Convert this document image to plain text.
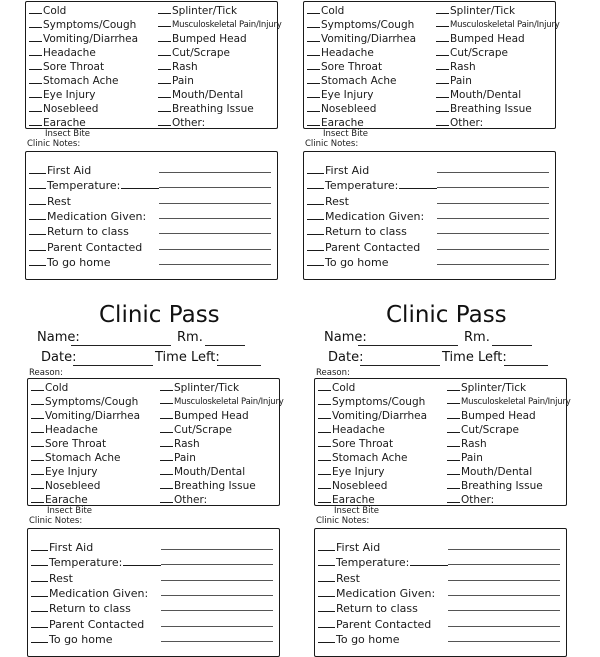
Cold
Symptoms/Cough
Vomiting/Diarrhea
Headache
Sore Throat
Stomach Ache
Eye Injury
Nosebleed
Earache
Splinter/Tick
Musculoskeletal Pain/Injury
Bumped Head
Cut/Scrape
Rash
Pain
Mouth/Dental
Breathing Issue
Other:
Insect Bite
Clinic Notes:
First Aid
Temperature:
Rest
Medication Given:
Return to class
Parent Contacted
To go home
Cold
Symptoms/Cough
Vomiting/Diarrhea
Headache
Sore Throat
Stomach Ache
Eye Injury
Nosebleed
Earache
Splinter/Tick
Musculoskeletal Pain/Injury
Bumped Head
Cut/Scrape
Rash
Pain
Mouth/Dental
Breathing Issue
Other:
Insect Bite
Clinic Notes:
First Aid
Temperature:
Rest
Medication Given:
Return to class
Parent Contacted
To go home
Clinic Pass
Name:	Rm.
Date:	Time Left:
Reason:
Cold
Symptoms/Cough
Vomiting/Diarrhea
Headache
Sore Throat
Stomach Ache
Eye Injury
Nosebleed
Earache
Splinter/Tick
Musculoskeletal Pain/Injury
Bumped Head
Cut/Scrape
Rash
Pain
Mouth/Dental
Breathing Issue
Other:
Insect Bite
Clinic Notes:
First Aid
Temperature:
Rest
Medication Given:
Return to class
Parent Contacted
To go home
Clinic Pass
Name:	Rm.
Date:	Time Left:
Reason:
Cold
Symptoms/Cough
Vomiting/Diarrhea
Headache
Sore Throat
Stomach Ache
Eye Injury
Nosebleed
Earache
Splinter/Tick
Musculoskeletal Pain/Injury
Bumped Head
Cut/Scrape
Rash
Pain
Mouth/Dental
Breathing Issue
Other:
Insect Bite
Clinic Notes:
First Aid
Temperature:
Rest
Medication Given:
Return to class
Parent Contacted
To go home
